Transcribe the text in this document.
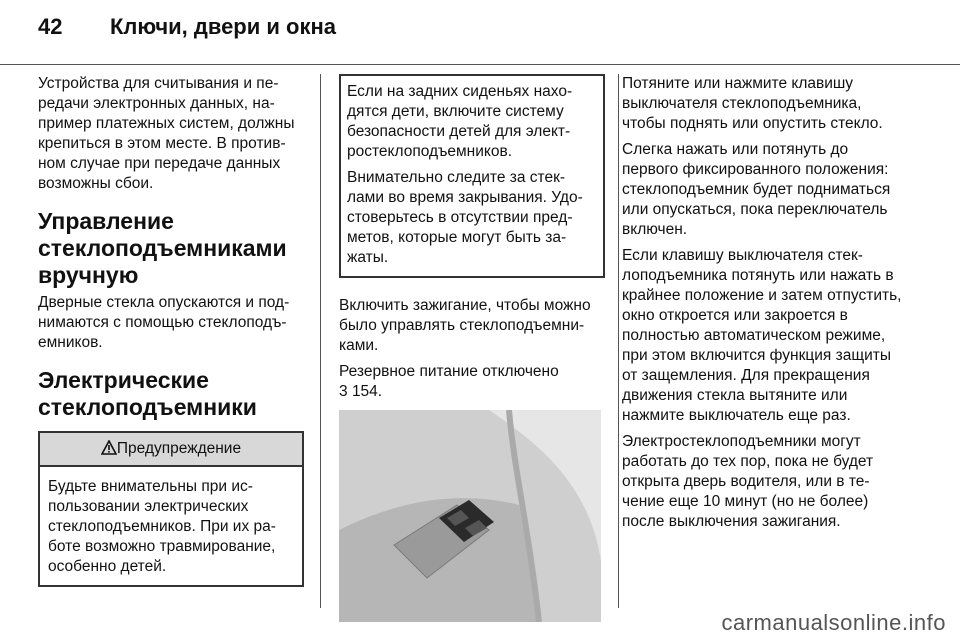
42 Ключи, двери и окна

Устройства для считывания и передачи электронных данных, например платежных систем, должны крепиться в этом месте. В противном случае при передаче данных возможны сбои.

Управление стеклоподъемниками вручную

Дверные стекла опускаются и поднимаются с помощью стеклоподъемников.

Электрические стеклоподъемники
Предупреждение
Будьте внимательны при использовании электрических стеклоподъемников. При их работе возможно травмирование, особенно детей.

Если на задних сиденьях находятся дети, включите систему безопасности детей для электростеклоподъемников.

Внимательно следите за стеклами во время закрывания. Удостоверьтесь в отсутствии предметов, которые могут быть зажаты.

Включить зажигание, чтобы можно было управлять стеклоподъемниками.

Резервное питание отключено

3 154.

Потяните или нажмите клавишу выключателя стеклоподъемника, чтобы поднять или опустить стекло.

Слегка нажать или потянуть до первого фиксированного положения: стеклоподъемник будет подниматься или опускаться, пока переключатель включен.

Если клавишу выключателя стеклоподъемника потянуть или нажать в крайнее положение и затем отпустить, окно откроется или закроется в полностью автоматическом режиме, при этом включится функция защиты от защемления. Для прекращения движения стекла вытяните или нажмите выключатель еще раз.

Электростеклоподъемники могут работать до тех пор, пока не будет открыта дверь водителя, или в течение еще 10 минут (но не более) после выключения зажигания.

carmanualsonline.info
